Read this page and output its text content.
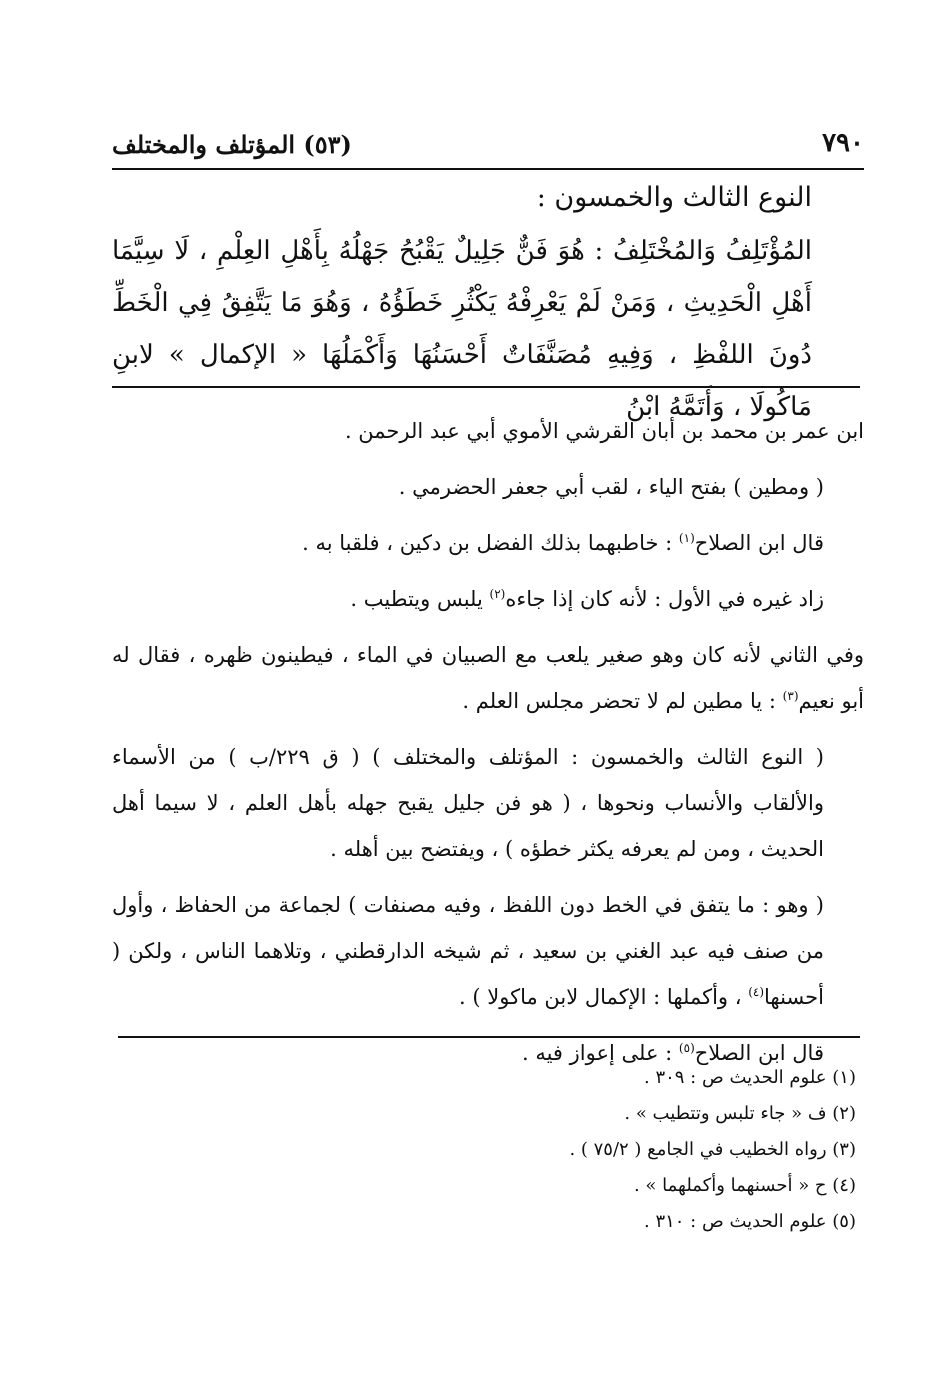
٧٩٠
(٥٣) المؤتلف والمختلف
النوع الثالث والخمسون :
المُؤْتَلِفُ وَالمُخْتَلِفُ : هُوَ فَنٌّ جَلِيلٌ يَقْبُحُ جَهْلُهُ بِأَهْلِ العِلْمِ ، لَا سِيَّمَا أَهْلِ الْحَدِيثِ ، وَمَنْ لَمْ يَعْرِفْهُ يَكْثُرِ خَطَؤُهُ ، وَهُوَ مَا يَتَّفِقُ فِي الْخَطِّ دُونَ اللفْظِ ، وَفِيهِ مُصَنَّفَاتٌ أَحْسَنُهَا وَأَكْمَلُهَا « الإكمال » لابنِ مَاكُولَا ، وَأَتَمَّهُ ابْنُ

ابن عمر بن محمد بن أبان القرشي الأموي أبي عبد الرحمن .

( ومطين ) بفتح الياء ، لقب أبي جعفر الحضرمي .

قال ابن الصلاح$^{(١)}$ : خاطبهما بذلك الفضل بن دكين ، فلقبا به .

زاد غيره في الأول : لأنه كان إذا جاءه$^{(٢)}$ يلبس ويتطيب .

وفي الثاني لأنه كان وهو صغير يلعب مع الصبيان في الماء ، فيطينون ظهره ، فقال له أبو نعيم$^{(٣)}$ : يا مطين لم لا تحضر مجلس العلم .

( النوع الثالث والخمسون : المؤتلف والمختلف ) ( ق ٢٢٩/ب ) من الأسماء والألقاب والأنساب ونحوها ، ( هو فن جليل يقبح جهله بأهل العلم ، لا سيما أهل الحديث ، ومن لم يعرفه يكثر خطؤه ) ، ويفتضح بين أهله .

( وهو : ما يتفق في الخط دون اللفظ ، وفيه مصنفات ) لجماعة من الحفاظ ، وأول من صنف فيه عبد الغني بن سعيد ، ثم شيخه الدارقطني ، وتلاهما الناس ، ولكن ( أحسنها$^{(٤)}$ ، وأكملها : الإكمال لابن ماكولا ) .

قال ابن الصلاح$^{(٥)}$ : على إعواز فيه .

(١) علوم الحديث ص : ٣٠٩ .
(٢) ف « جاء تلبس وتتطيب » .
(٣) رواه الخطيب في الجامع ( ٧٥/٢ ) .
(٤) ح « أحسنهما وأكملهما » .
(٥) علوم الحديث ص : ٣١٠ .
